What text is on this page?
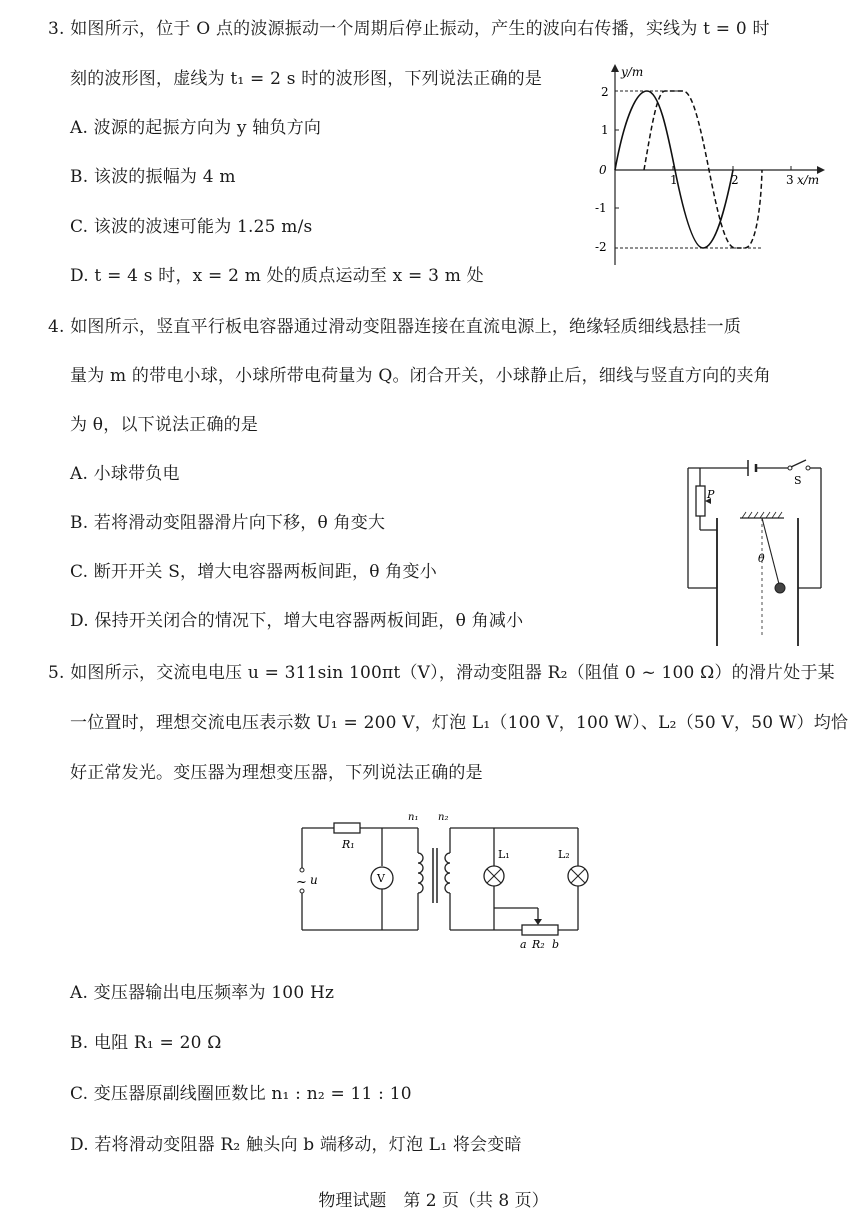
3. 如图所示，位于 O 点的波源振动一个周期后停止振动，产生的波向右传播，实线为 t = 0 时
刻的波形图，虚线为 t₁ = 2 s 时的波形图，下列说法正确的是
A. 波源的起振方向为 y 轴负方向
B. 该波的振幅为 4 m
C. 该波的波速可能为 1.25 m/s
D. t = 4 s 时，x = 2 m 处的质点运动至 x = 3 m 处
y/m
x/m
0
2
1
-1
-2
1	2	3
4. 如图所示，竖直平行板电容器通过滑动变阻器连接在直流电源上，绝缘轻质细线悬挂一质
量为 m 的带电小球，小球所带电荷量为 Q。闭合开关，小球静止后，细线与竖直方向的夹角
为 θ，以下说法正确的是
A. 小球带负电
B. 若将滑动变阻器滑片向下移，θ 角变大
C. 断开开关 S，增大电容器两板间距，θ 角变小
D. 保持开关闭合的情况下，增大电容器两板间距，θ 角减小
S
P
θ
5. 如图所示，交流电电压 u = 311sin 100πt（V），滑动变阻器 R₂（阻值 0 ~ 100 Ω）的滑片处于某
一位置时，理想交流电压表示数 U₁ = 200 V，灯泡 L₁（100 V，100 W）、L₂（50 V，50 W）均恰
好正常发光。变压器为理想变压器，下列说法正确的是
~ u
R₁
V
n₁ n₂
L₁	L₂
a R₂ b
A. 变压器输出电压频率为 100 Hz
B. 电阻 R₁ = 20 Ω
C. 变压器原副线圈匝数比 n₁ : n₂ = 11 : 10
D. 若将滑动变阻器 R₂ 触头向 b 端移动，灯泡 L₁ 将会变暗
物理试题　第 2 页（共 8 页）
